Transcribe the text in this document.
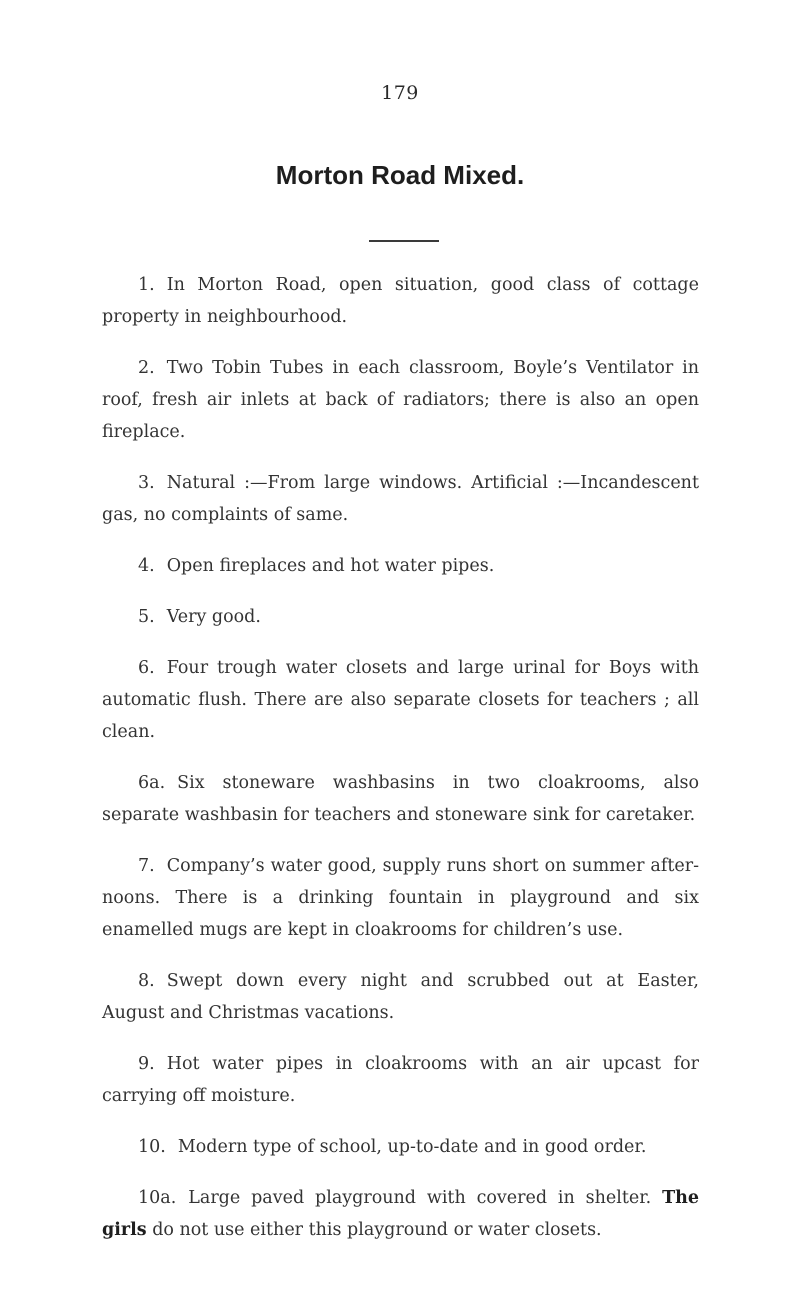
179
Morton Road Mixed.

1. In Morton Road, open situation, good class of cottage property in neighbourhood.

2. Two Tobin Tubes in each classroom, Boyle’s Ventilator in roof, fresh air inlets at back of radiators; there is also an open fireplace.

3. Natural :—From large windows. Artificial :—Incandescent gas, no complaints of same.

4. Open fireplaces and hot water pipes.

5. Very good.

6. Four trough water closets and large urinal for Boys with automatic flush. There are also separate closets for teachers ; all clean.

6a. Six stoneware washbasins in two cloakrooms, also separate washbasin for teachers and stoneware sink for caretaker.

7. Company’s water good, supply runs short on summer after-noons. There is a drinking fountain in playground and six enamelled mugs are kept in cloakrooms for children’s use.

8. Swept down every night and scrubbed out at Easter, August and Christmas vacations.

9. Hot water pipes in cloakrooms with an air upcast for carrying off moisture.

10. Modern type of school, up-to-date and in good order.

10a. Large paved playground with covered in shelter. The girls do not use either this playground or water closets.
